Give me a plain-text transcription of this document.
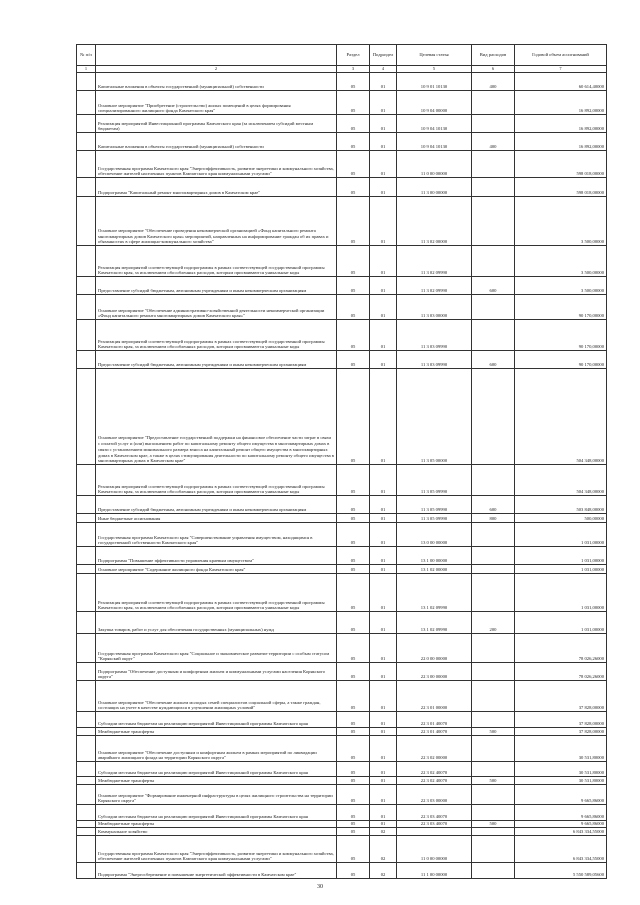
№ п/п		Раздел	Подраздел	Целевая статья	Вид расходов	Годовой объем ассигнований
1	2	3	4	5	6	7
	Капитальные вложения в объекты государственной (муниципальной) собственности	05	01	10 9 01 10130	400	60 614,40000
	Основное мероприятие "Приобретение (строительство) жилых помещений в целях формирования специализированного жилищного фонда Камчатского края"	05	01	10 9 04 00000		16 892,00000
	Реализация мероприятий Инвестиционной программы Камчатского края (за исключением субсидий местным бюджетам)	05	01	10 9 04 10130		16 892,00000
	Капитальные вложения в объекты государственной (муниципальной) собственности	05	01	10 9 04 10130	400	16 892,00000
	Государственная программа Камчатского края "Энергоэффективность, развитие энергетики и коммунального хозяйства, обеспечение жителей населенных пунктов Камчатского края коммунальными услугами"	05	01	11 0 00 00000		598 018,00000
	Подпрограмма "Капитальный ремонт многоквартирных домов в Камчатском крае"	05	01	11 3 00 00000		598 018,00000
	Основное мероприятие "Обеспечение проведения некоммерческой организацией «Фонд капитального ремонта многоквартирных домов Камчатского края» мероприятий, направленных на информирование граждан об их правах и обязанностях в сфере жилищно-коммунального хозяйства"	05	01	11 3 02 00000		3 500,00000
	Реализация мероприятий соответствующей подпрограммы в рамках соответствующей государственной программы Камчатского края, за исключением обособленных расходов, которым присваиваются уникальные коды	05	01	11 3 02 09990		3 500,00000
	Предоставление субсидий бюджетным, автономным учреждениям и иным некоммерческим организациям	05	01	11 3 02 09990	600	3 500,00000
	Основное мероприятие "Обеспечение административно-хозяйственной деятельности некоммерческой организации «Фонд капитального ремонта многоквартирных домов Камчатского края»"	05	01	11 3 03 00000		90 170,00000
	Реализация мероприятий соответствующей подпрограммы в рамках соответствующей государственной программы Камчатского края, за исключением обособленных расходов, которым присваиваются уникальные коды	05	01	11 3 03 09990		90 170,00000
	Предоставление субсидий бюджетным, автономным учреждениям и иным некоммерческим организациям	05	01	11 3 03 09990	600	90 170,00000
	Основное мероприятие "Предоставление государственной поддержки на финансовое обеспечение части затрат в связи с оплатой услуг и (или) выполнением работ по капитальному ремонту общего имущества в многоквартирных домах в связи с установлением минимального размера взноса на капитальный ремонт общего имущества в многоквартирных домах в Камчатском крае, а также в целях стимулирования деятельности по капитальному ремонту общего имущества в многоквартирных домах в Камчатском крае"	05	01	11 3 05 00000		504 348,00000
	Реализация мероприятий соответствующей подпрограммы в рамках соответствующей государственной программы Камчатского края, за исключением обособленных расходов, которым присваиваются уникальные коды	05	01	11 3 05 09990		504 348,00000
	Предоставление субсидий бюджетным, автономным учреждениям и иным некоммерческим организациям	05	01	11 3 05 09990	600	503 848,00000
	Иные бюджетные ассигнования	05	01	11 3 05 09990	800	500,00000
	Государственная программа Камчатского края "Совершенствование управления имуществом, находящимся в государственной собственности Камчатского края"	05	01	13 0 00 00000		1 031,00000
	Подпрограмма "Повышение эффективности управления краевым имуществом"	05	01	13 1 00 00000		1 031,00000
	Основное мероприятие "Содержание жилищного фонда Камчатского края"	05	01	13 1 02 00000		1 031,00000
	Реализация мероприятий соответствующей подпрограммы в рамках соответствующей государственной программы Камчатского края, за исключением обособленных расходов, которым присваиваются уникальные коды	05	01	13 1 02 09990		1 031,00000
	Закупка товаров, работ и услуг для обеспечения государственных (муниципальных) нужд	05	01	13 1 02 09990	200	1 031,00000
	Государственная программа Камчатского края "Социальное и экономическое развитие территории с особым статусом "Корякский округ"	05	01	22 0 00 00000		78 026,26000
	Подпрограмма "Обеспечение доступным и комфортным жильем и коммунальными услугами населения Корякского округа"	05	01	22 3 00 00000		78 026,26000
	Основное мероприятие "Обеспечение жильем молодых семей специалистов социальной сферы, а также граждан, состоящих на учете в качестве нуждающихся в улучшении жилищных условий"	05	01	22 3 01 00000		37 828,00000
	Субсидии местным бюджетам на реализацию мероприятий Инвестиционной программы Камчатского края	05	01	22 3 01 40070		37 828,00000
	Межбюджетные трансферты	05	01	22 3 01 40070	500	37 828,00000
	Основное мероприятие "Обеспечение доступным и комфортным жильем в рамках мероприятий по ликвидации аварийного жилищного фонда на территории Корякского округа"	05	01	22 3 02 00000		30 531,80000
	Субсидии местным бюджетам на реализацию мероприятий Инвестиционной программы Камчатского края	05	01	22 3 02 40070		30 531,80000
	Межбюджетные трансферты	05	01	22 3 02 40070	500	30 531,80000
	Основное мероприятие "Формирование инженерной инфраструктуры в целях жилищного строительства на территории Корякского округа"	05	01	22 3 03 00000		9 665,86000
	Субсидии местным бюджетам на реализацию мероприятий Инвестиционной программы Камчатского края	05	01	22 3 03 40070		9 665,86000
	Межбюджетные трансферты	05	01	22 3 03 40070	500	9 665,86000
	Коммунальное хозяйство	05	02			6 843 334,55000
	Государственная программа Камчатского края "Энергоэффективность, развитие энергетики и коммунального хозяйства, обеспечение жителей населенных пунктов Камчатского края коммунальными услугами"	05	02	11 0 00 00000		6 843 334,55000
	Подпрограмма "Энергосбережение и повышение энергетической эффективности в Камчатском крае"	05	02	11 1 00 00000		5 550 589,05600
30
